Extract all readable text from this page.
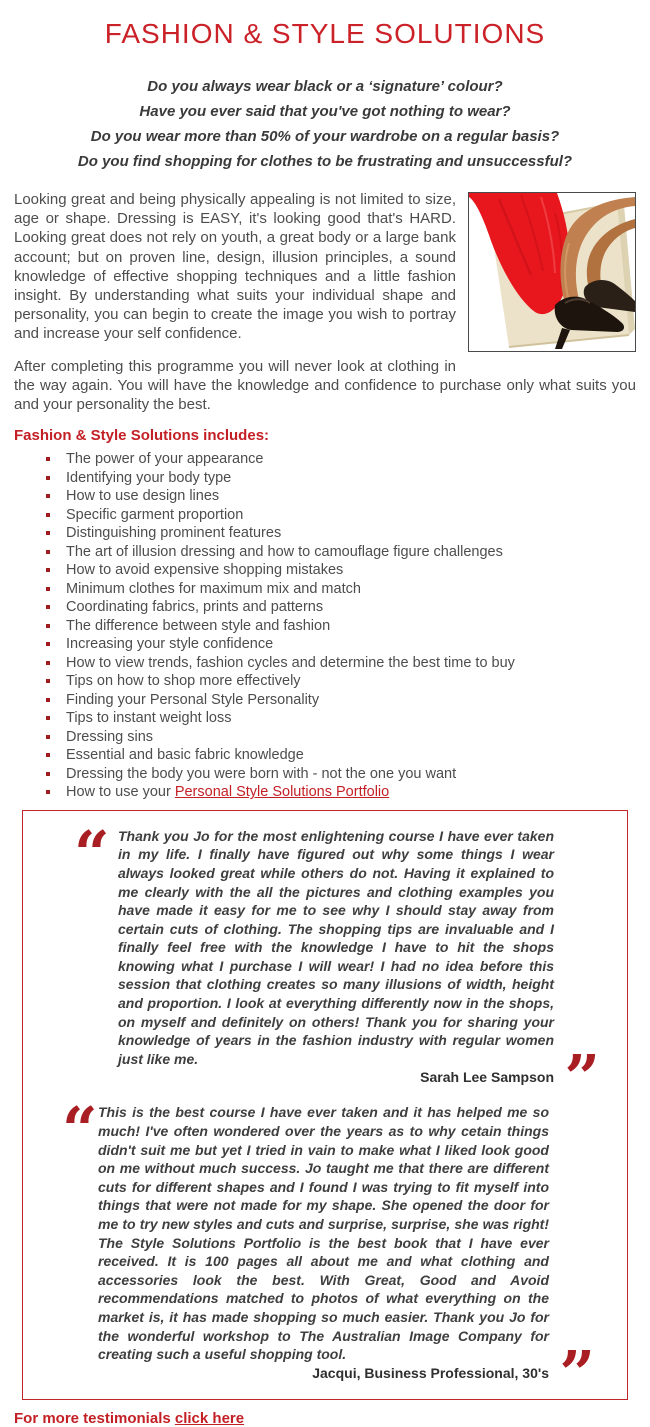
FASHION & STYLE SOLUTIONS
Do you always wear black or a ‘signature’ colour?
Have you ever said that you've got nothing to wear?
Do you wear more than 50% of your wardrobe on a regular basis?
Do you find shopping for clothes to be frustrating and unsuccessful?

Looking great and being physically appealing is not limited to size, age or shape. Dressing is EASY, it's looking good that's HARD. Looking great does not rely on youth, a great body or a large bank account; but on proven line, design, illusion principles, a sound knowledge of effective shopping techniques and a little fashion insight. By understanding what suits your individual shape and personality, you can begin to create the image you wish to portray and increase your self confidence.

After completing this programme you will never look at clothing in the way again. You will have the knowledge and confidence to purchase only what suits you and your personality the best.

Fashion & Style Solutions includes:
The power of your appearance
Identifying your body type
How to use design lines
Specific garment proportion
Distinguishing prominent features
The art of illusion dressing and how to camouflage figure challenges
How to avoid expensive shopping mistakes
Minimum clothes for maximum mix and match
Coordinating fabrics, prints and patterns
The difference between style and fashion
Increasing your style confidence
How to view trends, fashion cycles and determine the best time to buy
Tips on how to shop more effectively
Finding your Personal Style Personality
Tips to instant weight loss
Dressing sins
Essential and basic fabric knowledge
Dressing the body you were born with - not the one you want
How to use your Personal Style Solutions Portfolio
“
Thank you Jo for the most enlightening course I have ever taken in my life. I finally have figured out why some things I wear always looked great while others do not. Having it explained to me clearly with the all the pictures and clothing examples you have made it easy for me to see why I should stay away from certain cuts of clothing. The shopping tips are invaluable and I finally feel free with the knowledge I have to hit the shops knowing what I purchase I will wear! I had no idea before this session that clothing creates so many illusions of width, height and proportion. I look at everything differently now in the shops, on myself and definitely on others! Thank you for sharing your knowledge of years in the fashion industry with regular women just like me.
Sarah Lee Sampson
”
“
This is the best course I have ever taken and it has helped me so much! I've often wondered over the years as to why cetain things didn't suit me but yet I tried in vain to make what I liked look good on me without much success. Jo taught me that there are different cuts for different shapes and I found I was trying to fit myself into things that were not made for my shape. She opened the door for me to try new styles and cuts and surprise, surprise, she was right! The Style Solutions Portfolio is the best book that I have ever received. It is 100 pages all about me and what clothing and accessories look the best. With Great, Good and Avoid recommendations matched to photos of what everything on the market is, it has made shopping so much easier. Thank you Jo for the wonderful workshop to The Australian Image Company for creating such a useful shopping tool.
Jacqui, Business Professional, 30's
”
For more testimonials click here
